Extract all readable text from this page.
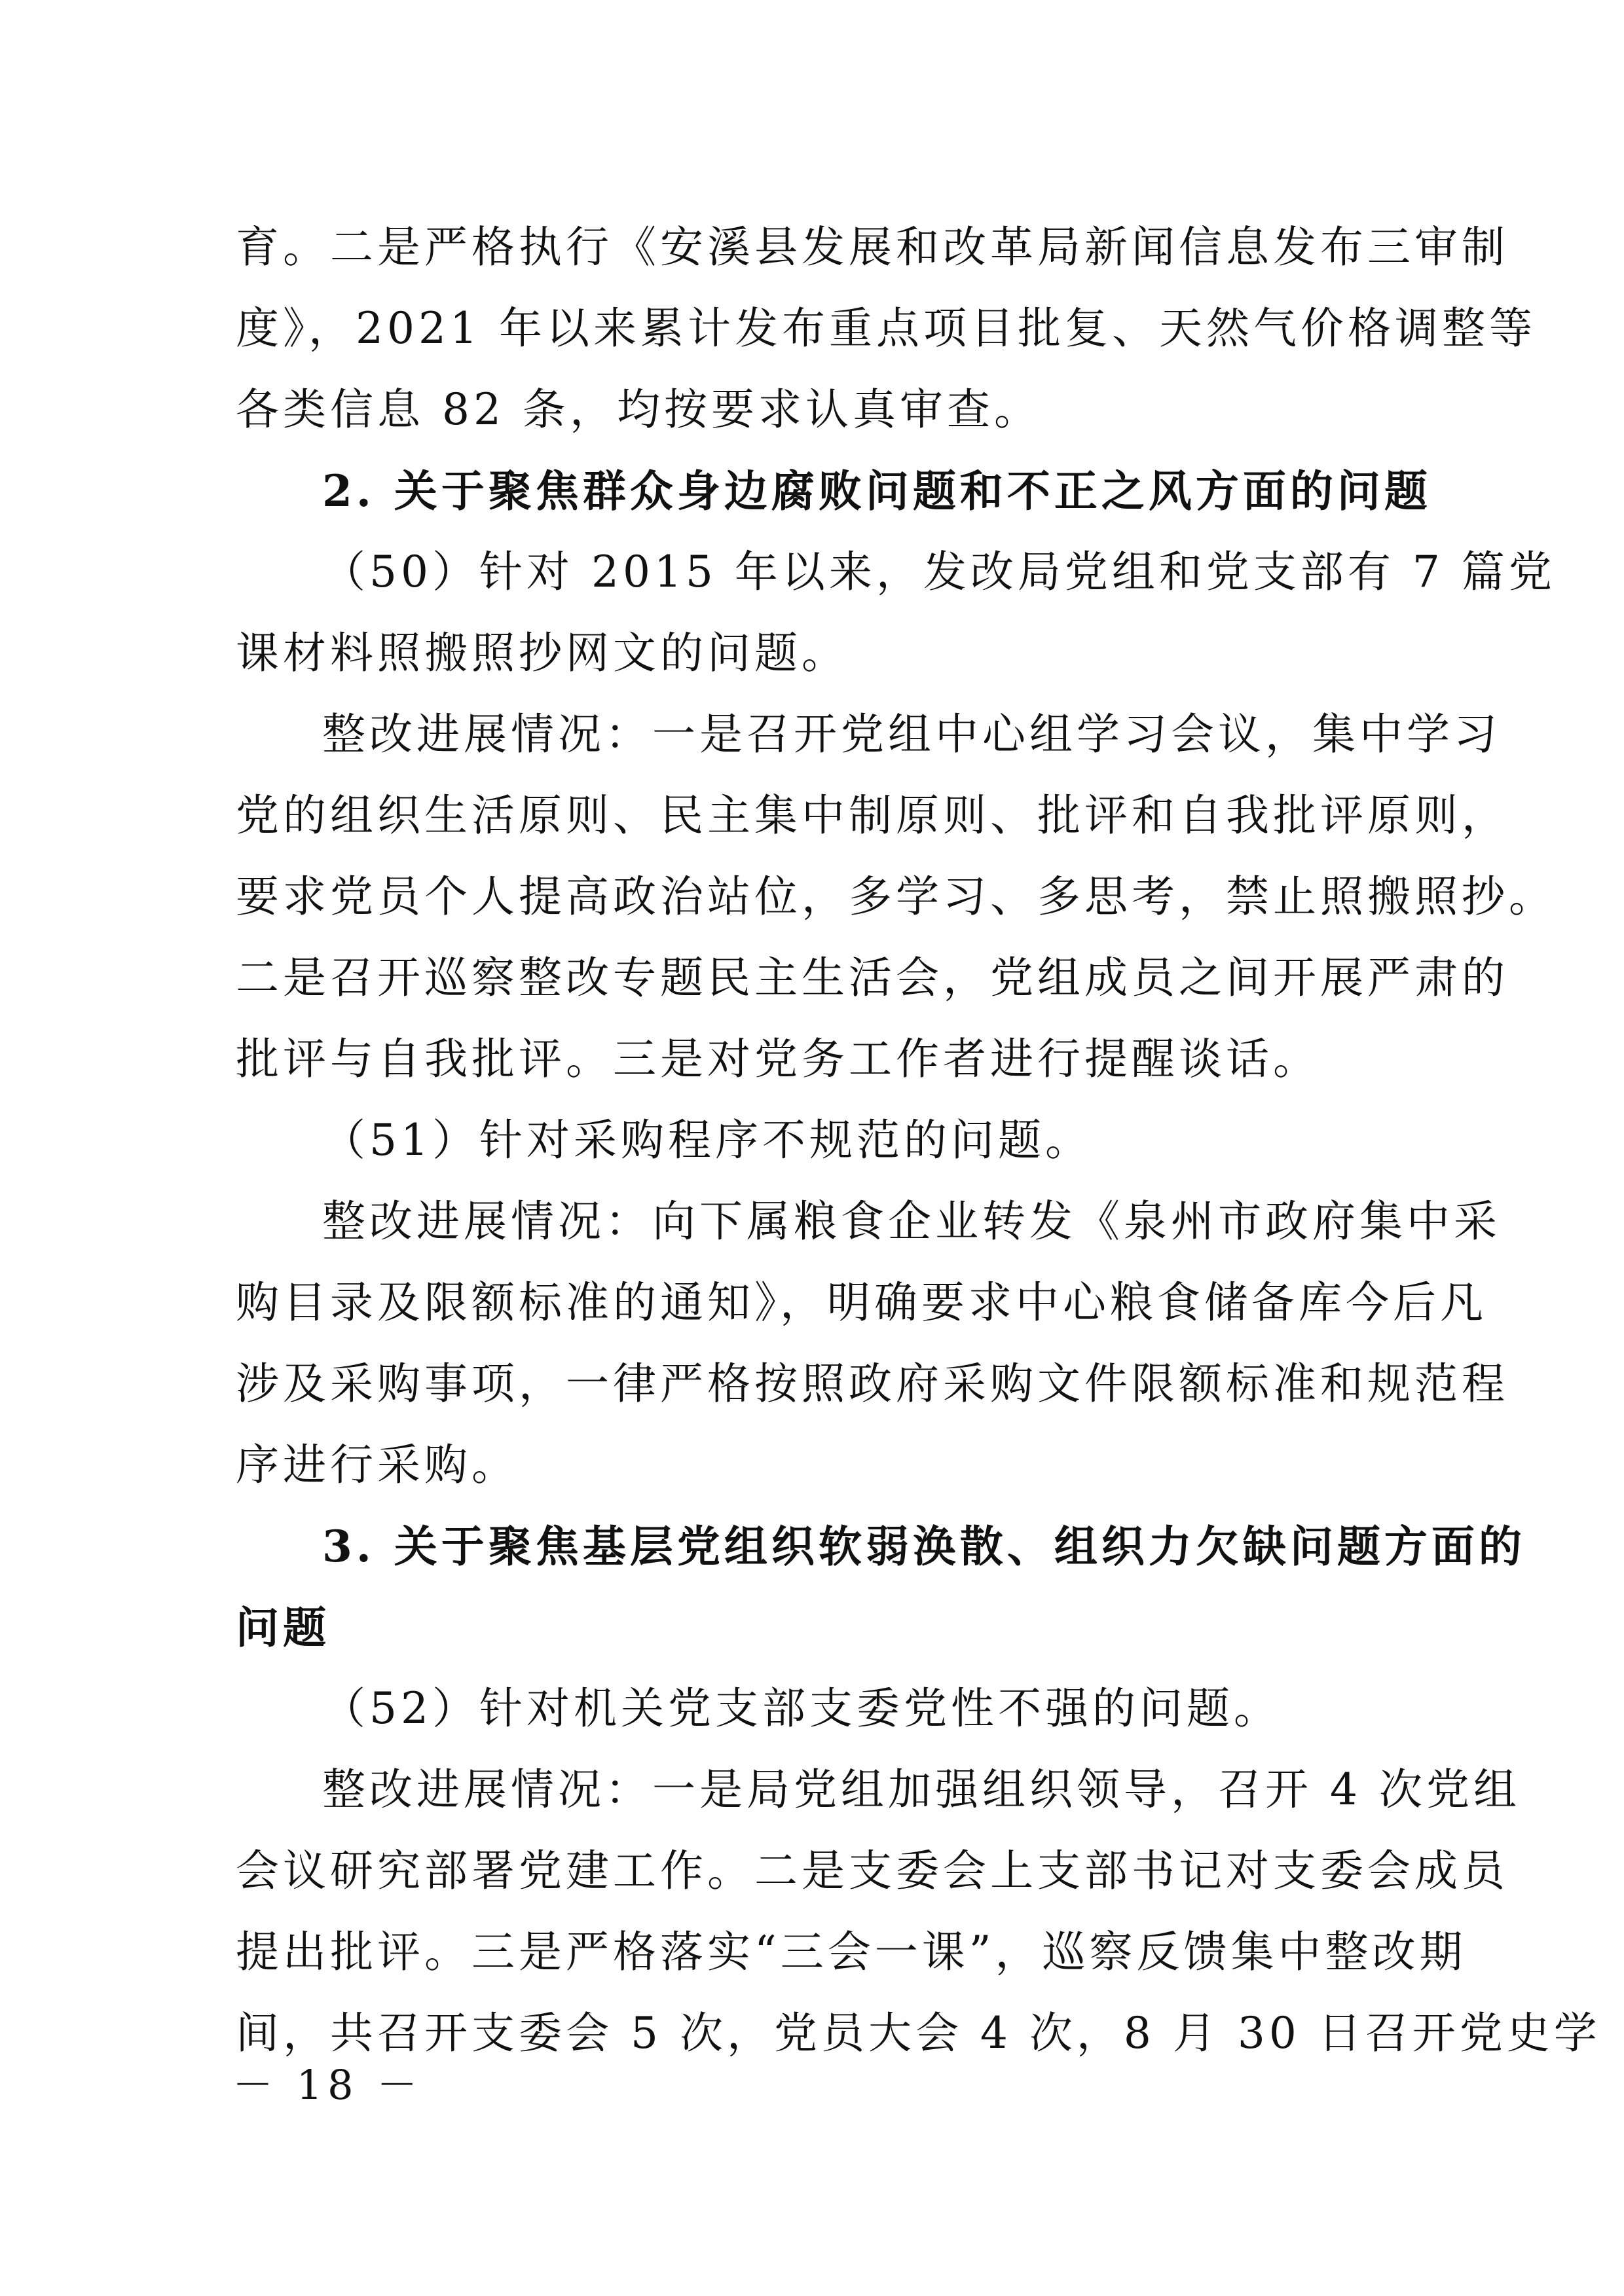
育。二是严格执行《安溪县发展和改革局新闻信息发布三审制
度》，2021 年以来累计发布重点项目批复、天然气价格调整等
各类信息 82 条，均按要求认真审查。
2. 关于聚焦群众身边腐败问题和不正之风方面的问题
（50）针对 2015 年以来，发改局党组和党支部有 7 篇党
课材料照搬照抄网文的问题。
整改进展情况：一是召开党组中心组学习会议，集中学习
党的组织生活原则、民主集中制原则、批评和自我批评原则，
要求党员个人提高政治站位，多学习、多思考，禁止照搬照抄。
二是召开巡察整改专题民主生活会，党组成员之间开展严肃的
批评与自我批评。三是对党务工作者进行提醒谈话。
（51）针对采购程序不规范的问题。
整改进展情况：向下属粮食企业转发《泉州市政府集中采
购目录及限额标准的通知》，明确要求中心粮食储备库今后凡
涉及采购事项，一律严格按照政府采购文件限额标准和规范程
序进行采购。
3. 关于聚焦基层党组织软弱涣散、组织力欠缺问题方面的
问题
（52）针对机关党支部支委党性不强的问题。
整改进展情况：一是局党组加强组织领导，召开 4 次党组
会议研究部署党建工作。二是支委会上支部书记对支委会成员
提出批评。三是严格落实“三会一课”，巡察反馈集中整改期
间，共召开支委会 5 次，党员大会 4 次，8 月 30 日召开党史学
－ 18 －
